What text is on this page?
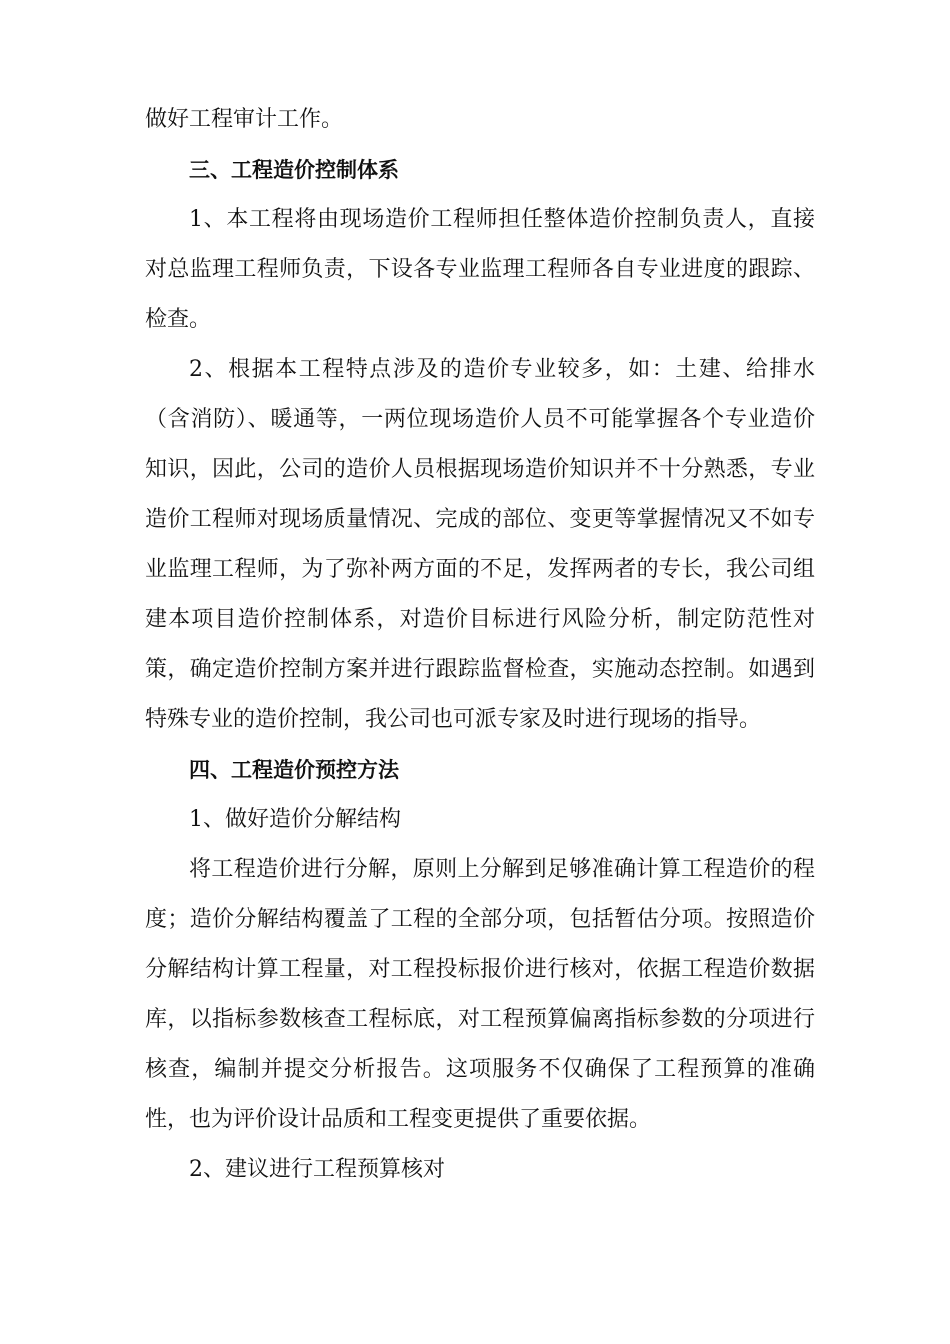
做好工程审计工作。

三、工程造价控制体系

1、本工程将由现场造价工程师担任整体造价控制负责人，直接对总监理工程师负责，下设各专业监理工程师各自专业进度的跟踪、检查。

2、根据本工程特点涉及的造价专业较多，如：土建、给排水（含消防）、暖通等，一两位现场造价人员不可能掌握各个专业造价知识，因此，公司的造价人员根据现场造价知识并不十分熟悉，专业造价工程师对现场质量情况、完成的部位、变更等掌握情况又不如专业监理工程师，为了弥补两方面的不足，发挥两者的专长，我公司组建本项目造价控制体系，对造价目标进行风险分析，制定防范性对策，确定造价控制方案并进行跟踪监督检查，实施动态控制。如遇到特殊专业的造价控制，我公司也可派专家及时进行现场的指导。

四、工程造价预控方法

1、做好造价分解结构

将工程造价进行分解，原则上分解到足够准确计算工程造价的程度；造价分解结构覆盖了工程的全部分项，包括暂估分项。按照造价分解结构计算工程量，对工程投标报价进行核对，依据工程造价数据库，以指标参数核查工程标底，对工程预算偏离指标参数的分项进行核查，编制并提交分析报告。这项服务不仅确保了工程预算的准确性，也为评价设计品质和工程变更提供了重要依据。

2、建议进行工程预算核对
